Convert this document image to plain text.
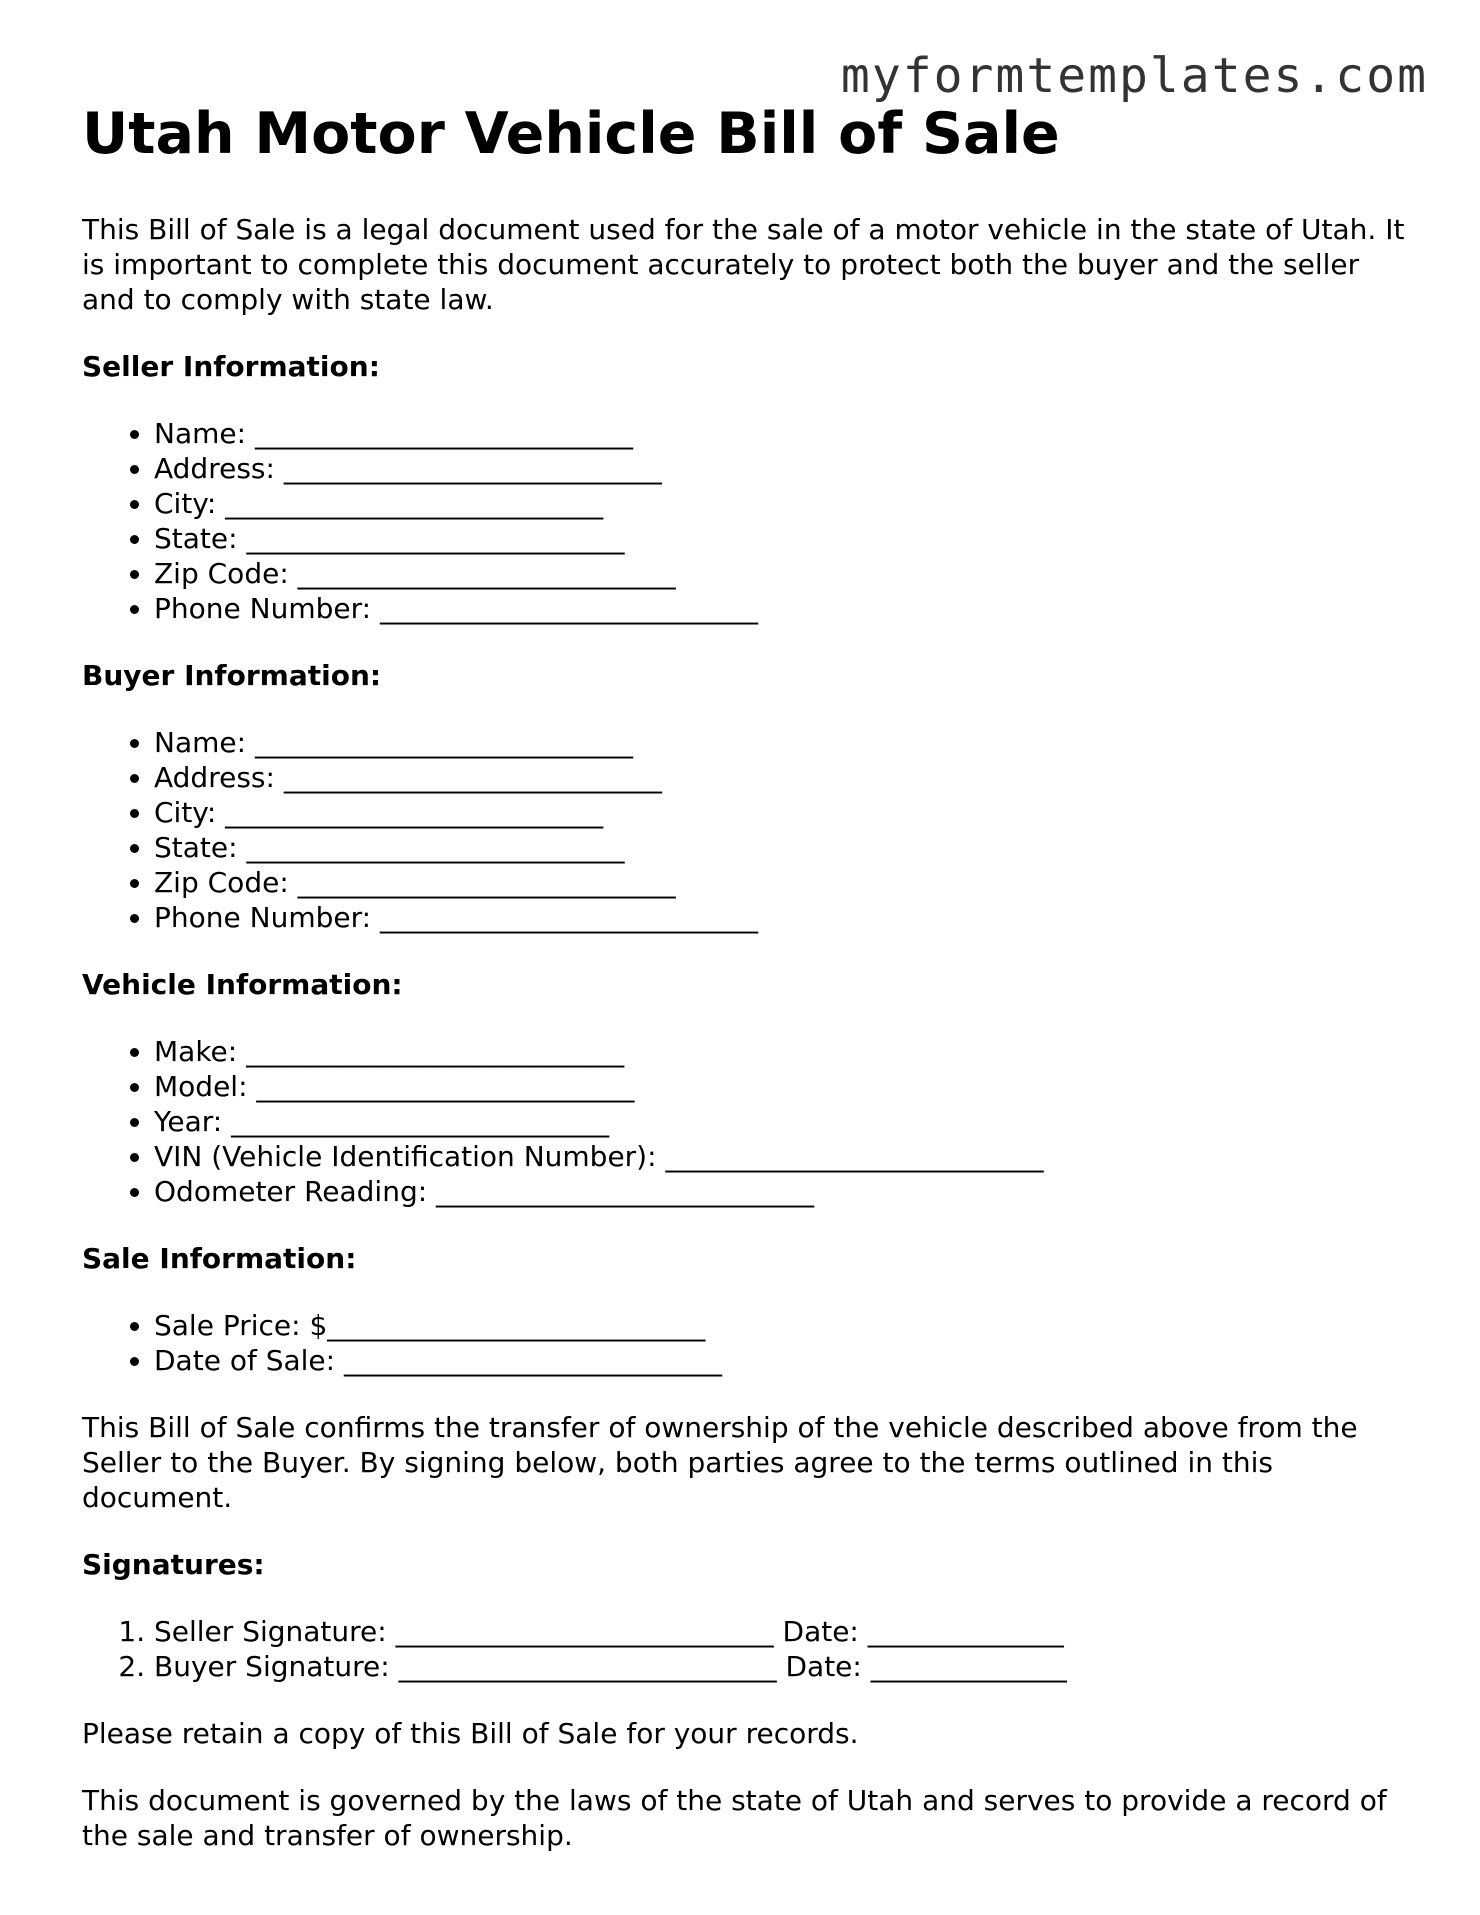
myformtemplates.com
Utah Motor Vehicle Bill of Sale

This Bill of Sale is a legal document used for the sale of a motor vehicle in the state of Utah. It is important to complete this document accurately to protect both the buyer and the seller and to comply with state law.

Seller Information:
• Name: ___________________________
• Address: ___________________________
• City: ___________________________
• State: ___________________________
• Zip Code: ___________________________
• Phone Number: ___________________________
Buyer Information:
• Name: ___________________________
• Address: ___________________________
• City: ___________________________
• State: ___________________________
• Zip Code: ___________________________
• Phone Number: ___________________________
Vehicle Information:
• Make: ___________________________
• Model: ___________________________
• Year: ___________________________
• VIN (Vehicle Identification Number): ___________________________
• Odometer Reading: ___________________________
Sale Information:
• Sale Price: $___________________________
• Date of Sale: ___________________________

This Bill of Sale confirms the transfer of ownership of the vehicle described above from the Seller to the Buyer. By signing below, both parties agree to the terms outlined in this document.

Signatures:
1. Seller Signature: ___________________________ Date: ______________
2. Buyer Signature: ___________________________ Date: ______________

Please retain a copy of this Bill of Sale for your records.

This document is governed by the laws of the state of Utah and serves to provide a record of the sale and transfer of ownership.
